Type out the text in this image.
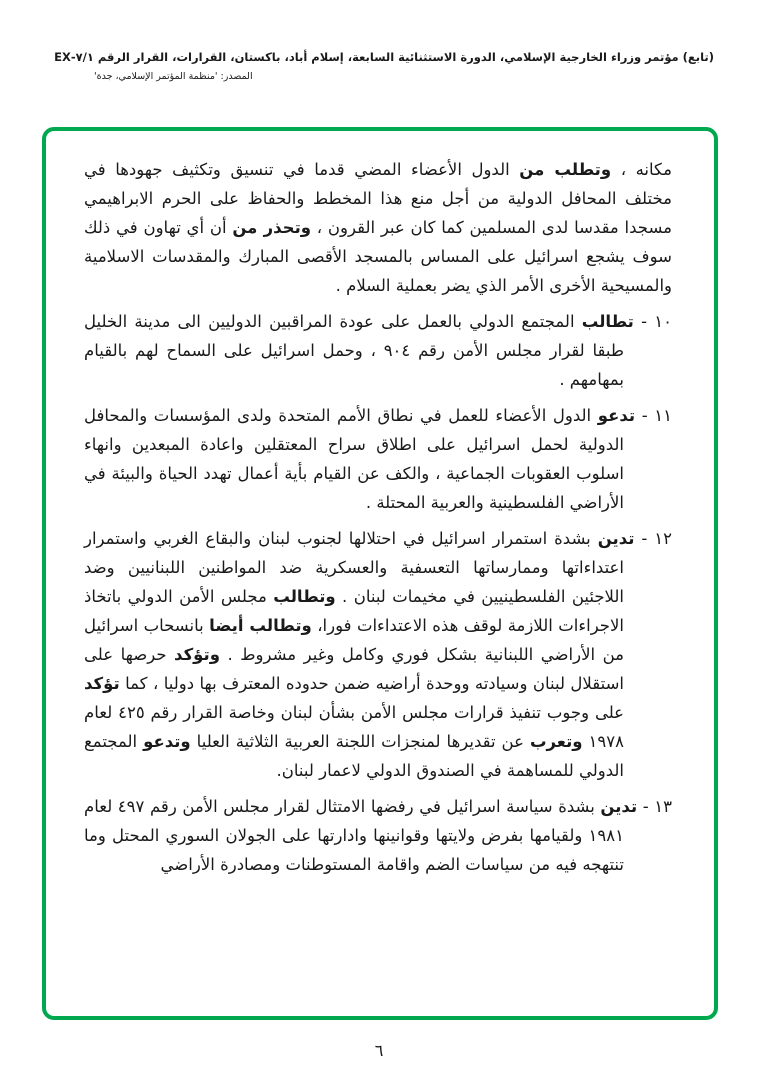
(تابع) مؤتمر وزراء الخارجية الإسلامي، الدورة الاستثنائية السابعة، إسلام أباد، باكستان، القرارات، القرار الرقم ٧/١-EX
المصدر: 'منظمة المؤتمر الإسلامي، جدة'
مكانه ، وتطلب من الدول الأعضاء المضي قدما في تنسيق وتكثيف جهودها في مختلف المحافل الدولية من أجل منع هذا المخطط والحفاظ على الحرم الابراهيمي مسجدا مقدسا لدى المسلمين كما كان عبر القرون ، وتحذر من أن أي تهاون في ذلك سوف يشجع اسرائيل على المساس بالمسجد الأقصى المبارك والمقدسات الاسلامية والمسيحية الأخرى الأمر الذي يضر بعملية السلام .
١٠ - تطالب المجتمع الدولي بالعمل على عودة المراقبين الدوليين الى مدينة الخليل طبقا لقرار مجلس الأمن رقم ٩٠٤ ، وحمل اسرائيل على السماح لهم بالقيام بمهامهم .
١١ - تدعو الدول الأعضاء للعمل في نطاق الأمم المتحدة ولدى المؤسسات والمحافل الدولية لحمل اسرائيل على اطلاق سراح المعتقلين واعادة المبعدين وانهاء اسلوب العقوبات الجماعية ، والكف عن القيام بأية أعمال تهدد الحياة والبيئة في الأراضي الفلسطينية والعربية المحتلة .
١٢ - تدين بشدة استمرار اسرائيل في احتلالها لجنوب لبنان والبقاع الغربي واستمرار اعتداءاتها وممارساتها التعسفية والعسكرية ضد المواطنين اللبنانيين وضد اللاجئين الفلسطينيين في مخيمات لبنان . وتطالب مجلس الأمن الدولي باتخاذ الاجراءات اللازمة لوقف هذه الاعتداءات فورا، وتطالب أيضا بانسحاب اسرائيل من الأراضي اللبنانية بشكل فوري وكامل وغير مشروط . وتؤكد حرصها على استقلال لبنان وسيادته ووحدة أراضيه ضمن حدوده المعترف بها دوليا ، كما تؤكد على وجوب تنفيذ قرارات مجلس الأمن بشأن لبنان وخاصة القرار رقم ٤٢٥ لعام ١٩٧٨ وتعرب عن تقديرها لمنجزات اللجنة العربية الثلاثية العليا وتدعو المجتمع الدولي للمساهمة في الصندوق الدولي لاعمار لبنان.
١٣ - تدين بشدة سياسة اسرائيل في رفضها الامتثال لقرار مجلس الأمن رقم ٤٩٧ لعام ١٩٨١ ولقيامها بفرض ولايتها وقوانينها وادارتها على الجولان السوري المحتل وما تنتهجه فيه من سياسات الضم واقامة المستوطنات ومصادرة الأراضي
٦
